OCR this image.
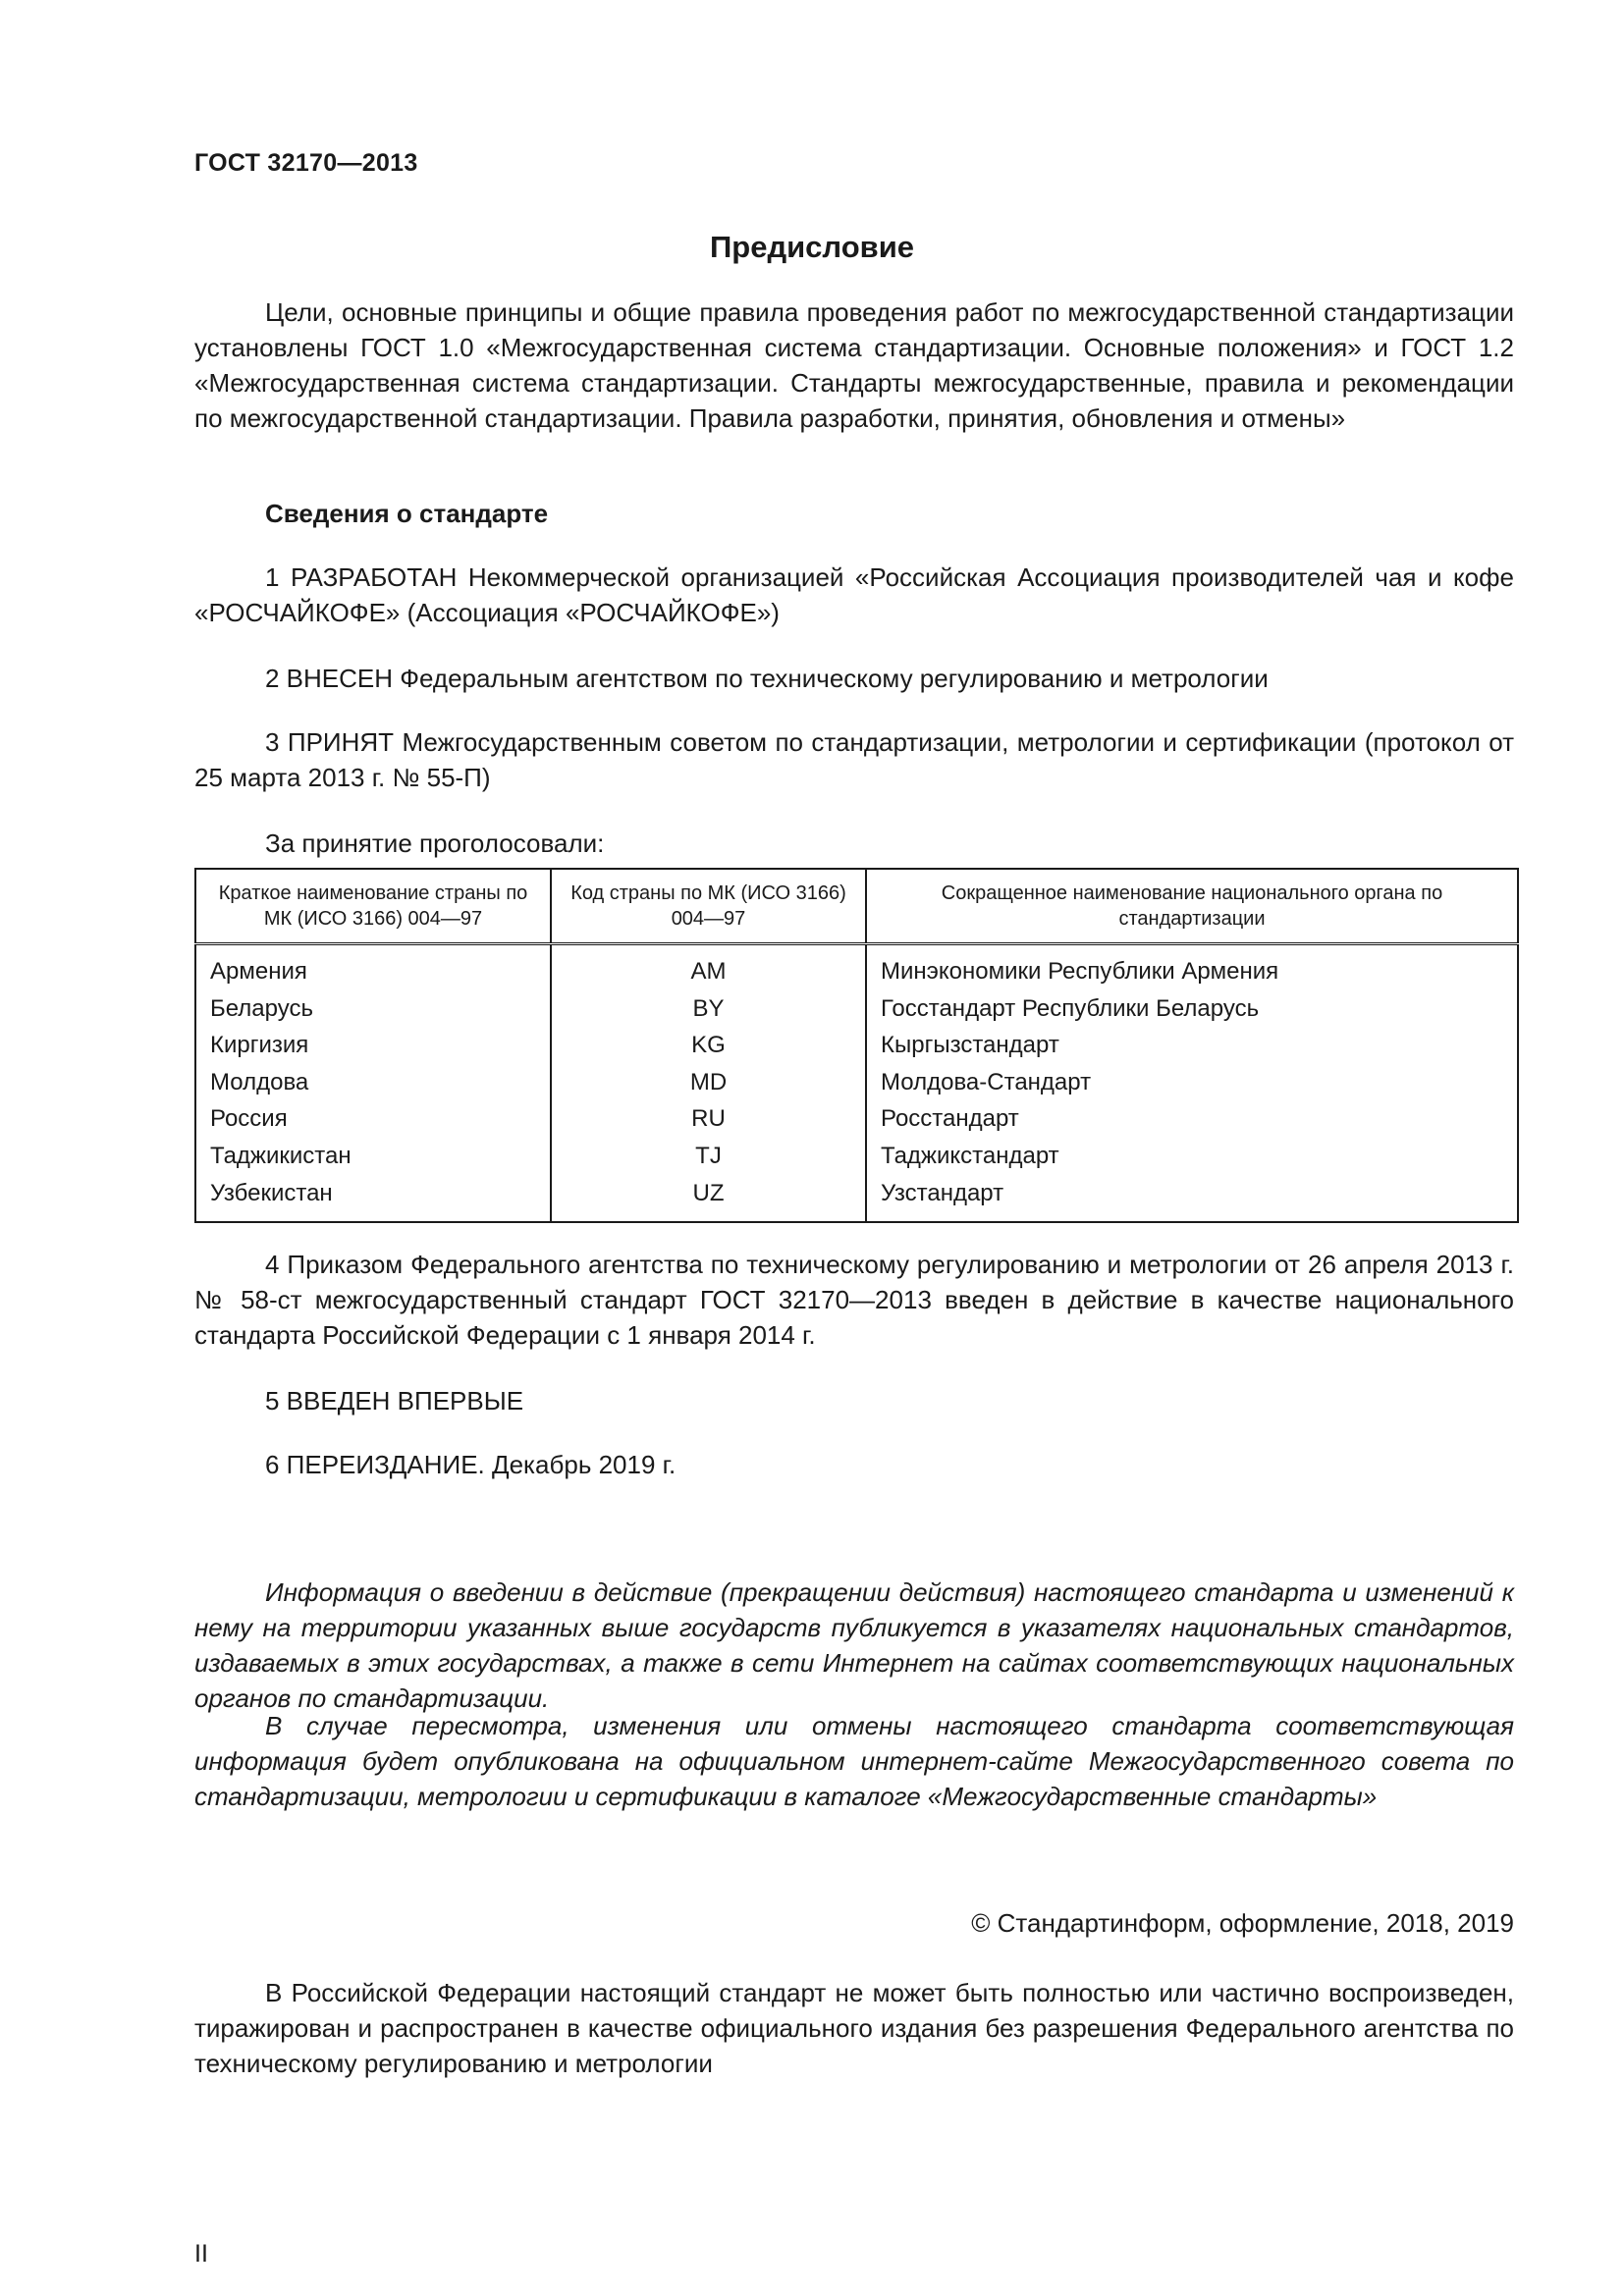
ГОСТ 32170—2013
Предисловие

Цели, основные принципы и общие правила проведения работ по межгосударственной стандартизации установлены ГОСТ 1.0 «Межгосударственная система стандартизации. Основные положения» и ГОСТ 1.2 «Межгосударственная система стандартизации. Стандарты межгосударственные, правила и рекомендации по межгосударственной стандартизации. Правила разработки, принятия, обновления и отмены»

Сведения о стандарте

1 РАЗРАБОТАН Некоммерческой организацией «Российская Ассоциация производителей чая и кофе «РОСЧАЙКОФЕ» (Ассоциация «РОСЧАЙКОФЕ»)

2 ВНЕСЕН Федеральным агентством по техническому регулированию и метрологии

3 ПРИНЯТ Межгосударственным советом по стандартизации, метрологии и сертификации (протокол от 25 марта 2013 г. № 55-П)

За принятие проголосовали:
Краткое наименование страны по МК (ИСО 3166) 004—97	Код страны по МК (ИСО 3166) 004—97	Сокращенное наименование национального органа по стандартизации
Армения	AM	Минэкономики Республики Армения
Беларусь	BY	Госстандарт Республики Беларусь
Киргизия	KG	Кыргызстандарт
Молдова	MD	Молдова-Стандарт
Россия	RU	Росстандарт
Таджикистан	TJ	Таджикстандарт
Узбекистан	UZ	Узстандарт

4 Приказом Федерального агентства по техническому регулированию и метрологии от 26 апреля 2013 г. № 58-ст межгосударственный стандарт ГОСТ 32170—2013 введен в действие в качестве национального стандарта Российской Федерации с 1 января 2014 г.

5 ВВЕДЕН ВПЕРВЫЕ
6 ПЕРЕИЗДАНИЕ. Декабрь 2019 г.

Информация о введении в действие (прекращении действия) настоящего стандарта и изменений к нему на территории указанных выше государств публикуется в указателях национальных стандартов, издаваемых в этих государствах, а также в сети Интернет на сайтах соответствующих национальных органов по стандартизации.

В случае пересмотра, изменения или отмены настоящего стандарта соответствующая информация будет опубликована на официальном интернет-сайте Межгосударственного совета по стандартизации, метрологии и сертификации в каталоге «Межгосударственные стандарты»

© Стандартинформ, оформление, 2018, 2019

В Российской Федерации настоящий стандарт не может быть полностью или частично воспроизведен, тиражирован и распространен в качестве официального издания без разрешения Федерального агентства по техническому регулированию и метрологии

II
